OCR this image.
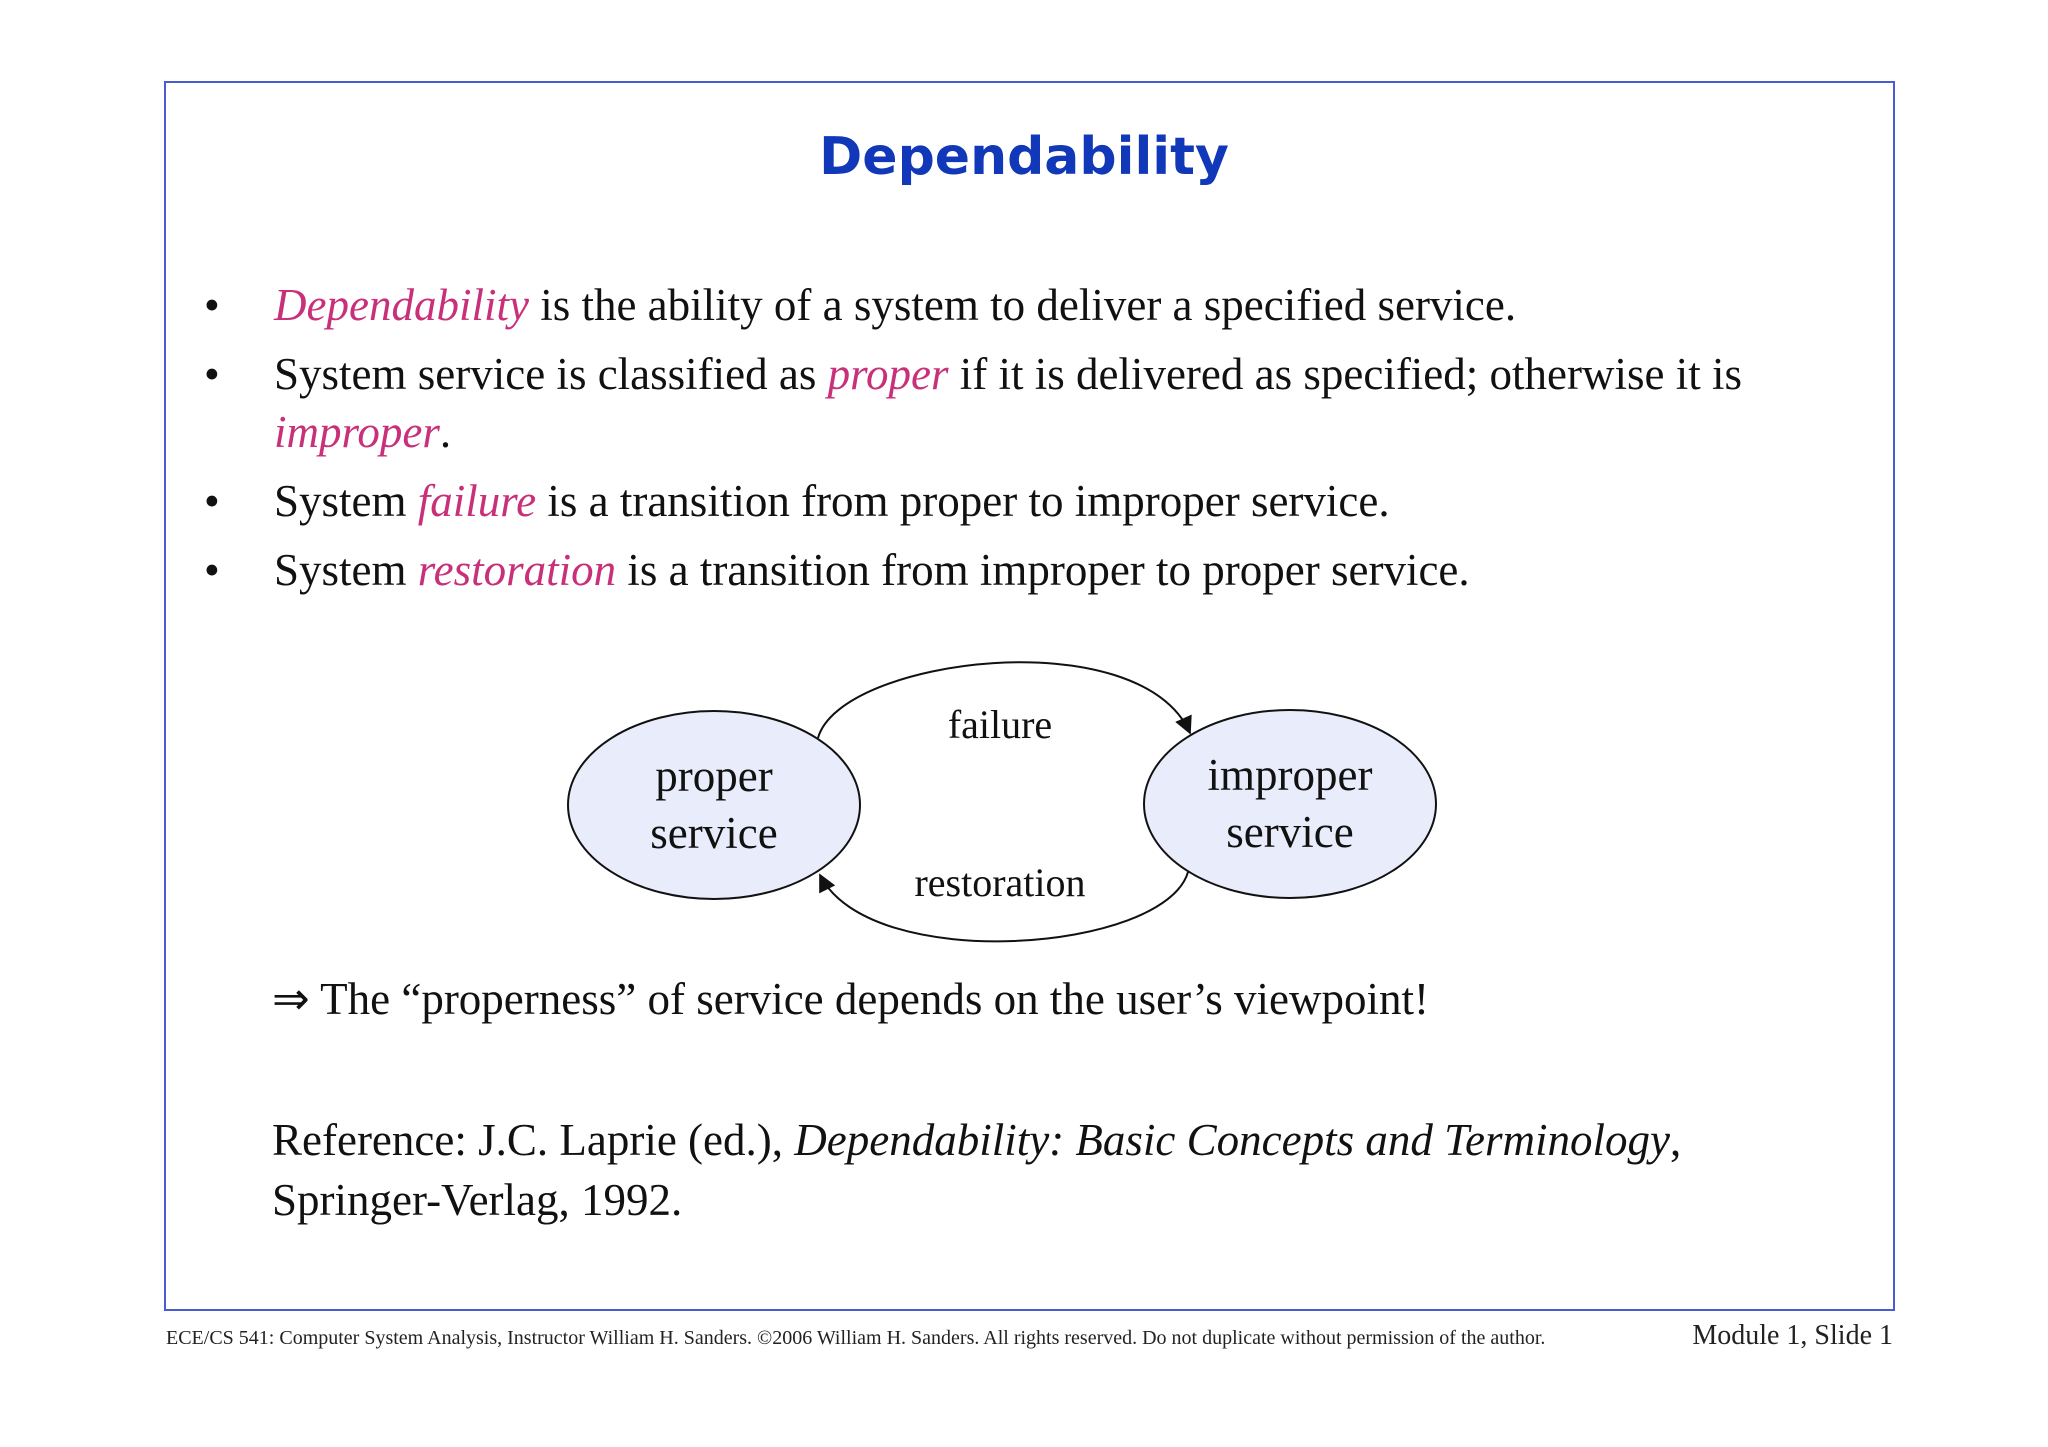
Dependability
•	Dependability is the ability of a system to deliver a specified service.
•	System service is classified as proper if it is delivered as specified; otherwise it is improper.
•	System failure is a transition from proper to improper service.
•	System restoration is a transition from improper to proper service.
proper
service
improper
service
failure
restoration
⇒ The “properness” of service depends on the user’s viewpoint!
Reference: J.C. Laprie (ed.), Dependability: Basic Concepts and Terminology, Springer-Verlag, 1992.
ECE/CS 541: Computer System Analysis, Instructor William H. Sanders. ©2006 William H. Sanders. All rights reserved. Do not duplicate without permission of the author.	Module 1, Slide 1
